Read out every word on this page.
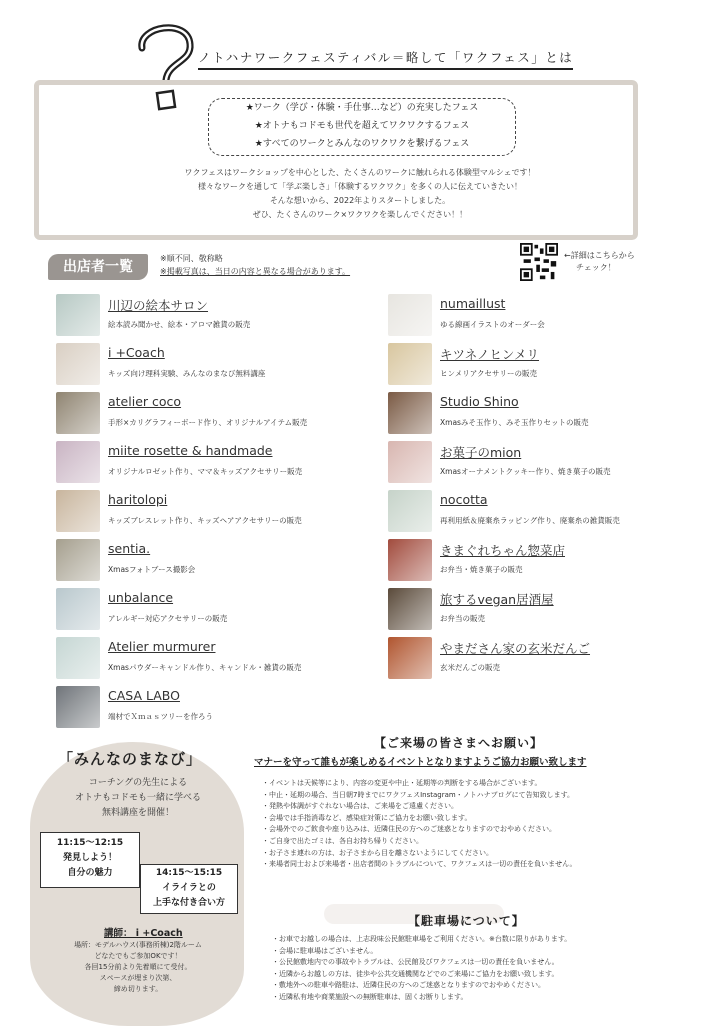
ノトハナワークフェスティバル＝略して「ワクフェス」とは
★ワーク（学び・体験・手仕事…など）の充実したフェス
★オトナもコドモも世代を超えてワクワクするフェス
★すべてのワークとみんなのワクワクを繋げるフェス
ワクフェスはワークショップを中心とした、たくさんのワークに触れられる体験型マルシェです！
様々なワークを通して「学ぶ楽しさ」「体験するワクワク」を多くの人に伝えていきたい！
そんな想いから、2022年よりスタートしました。
ぜひ、たくさんのワーク×ワクワクを楽しんでください！！
出店者一覧
※順不同、敬称略
※掲載写真は、当日の内容と異なる場合があります。
←詳細はこちらから
チェック！
川辺の絵本サロン
絵本読み聞かせ、絵本・アロマ雑貨の販売
i +Coach
キッズ向け理科実験、みんなのまなび無料講座
atelier coco
手形×カリグラフィーボード作り、オリジナルアイテム販売
miite rosette & handmade
オリジナルロゼット作り、ママ＆キッズアクセサリー販売
haritolopi
キッズブレスレット作り、キッズヘアアクセサリーの販売
sentia.
Xmasフォトブース撮影会
unbalance
アレルギー対応アクセサリーの販売
Atelier murmurer
Xmasパウダーキャンドル作り、キャンドル・雑貨の販売
CASA LABO
端材でＸｍａｓツリーを作ろう
numaillust
ゆる線画イラストのオーダー会
キツネノヒンメリ
ヒンメリアクセサリーの販売
Studio Shino
Xmasみそ玉作り、みそ玉作りセットの販売
お菓子のmion
Xmasオーナメントクッキー作り、焼き菓子の販売
nocotta
再利用紙＆廃棄糸ラッピング作り、廃棄糸の雑貨販売
きまぐれちゃん惣菜店
お弁当・焼き菓子の販売
旅するvegan居酒屋
お弁当の販売
やまださん家の玄米だんご
玄米だんごの販売
「みんなのまなび」
コーチングの先生による
オトナもコドモも一緒に学べる
無料講座を開催！
11:15〜12:15
発見しよう！
自分の魅力	14:15〜15:15
イライラとの
上手な付き合い方
講師： i +Coach
場所：モデルハウス(事務所棟)2階ルーム
どなたでもご参加OKです！
各回15分前より先着順にて受付。
スペースが埋まり次第、
締め切ります。
【ご来場の皆さまへお願い】
マナーを守って誰もが楽しめるイベントとなりますようご協力お願い致します
・イベントは天候等により、内容の変更や中止・延期等の判断をする場合がございます。
・中止・延期の場合、当日朝7時までにワクフェスInstagram・ノトハナブログにて告知致します。
・発熱や体調がすぐれない場合は、ご来場をご遠慮ください。
・会場では手指消毒など、感染症対策にご協力をお願い致します。
・会場外でのご飲食や座り込みは、近隣住民の方へのご迷惑となりますのでおやめください。
・ご自身で出たゴミは、各自お持ち帰りください。
・お子さま連れの方は、お子さまから目を離さないようにしてください。
・来場者同士および来場者・出店者間のトラブルについて、ワクフェスは一切の責任を負いません。
【駐車場について】
・お車でお越しの場合は、上志段味公民館駐車場をご利用ください。※台数に限りがあります。
・会場に駐車場はございません。
・公民館敷地内での事故やトラブルは、公民館及びワクフェスは一切の責任を負いません。
・近隣からお越しの方は、徒歩や公共交通機関などでのご来場にご協力をお願い致します。
・敷地外への駐車や路駐は、近隣住民の方へのご迷惑となりますのでおやめください。
・近隣私有地や商業施設への無断駐車は、固くお断りします。
